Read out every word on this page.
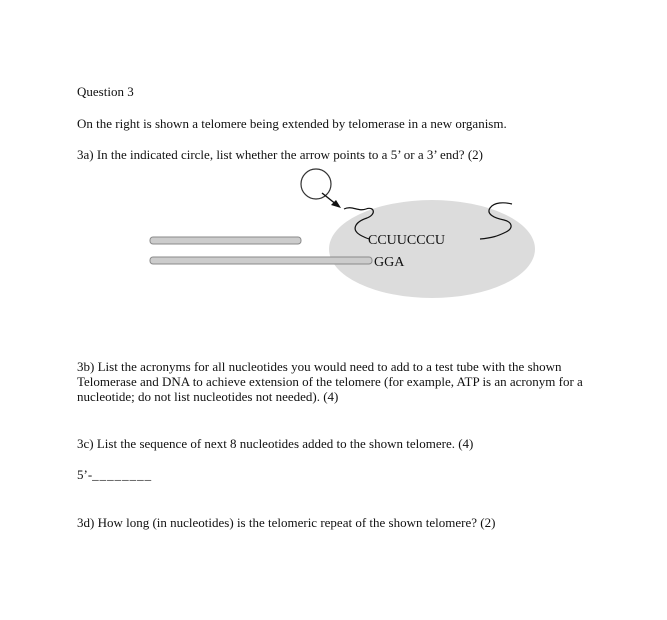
Question 3
On the right is shown a telomere being extended by telomerase in a new organism.
3a) In the indicated circle, list whether the arrow points to a 5’ or a 3’ end? (2)
CCUUCCCU
GGA
3b) List the acronyms for all nucleotides you would need to add to a test tube with the shown Telomerase and DNA to achieve extension of the telomere (for example, ATP is an acronym for a nucleotide; do not list nucleotides not needed). (4)
3c) List the sequence of next 8 nucleotides added to the shown telomere. (4)
5’-________
3d) How long (in nucleotides) is the telomeric repeat of the shown telomere? (2)
